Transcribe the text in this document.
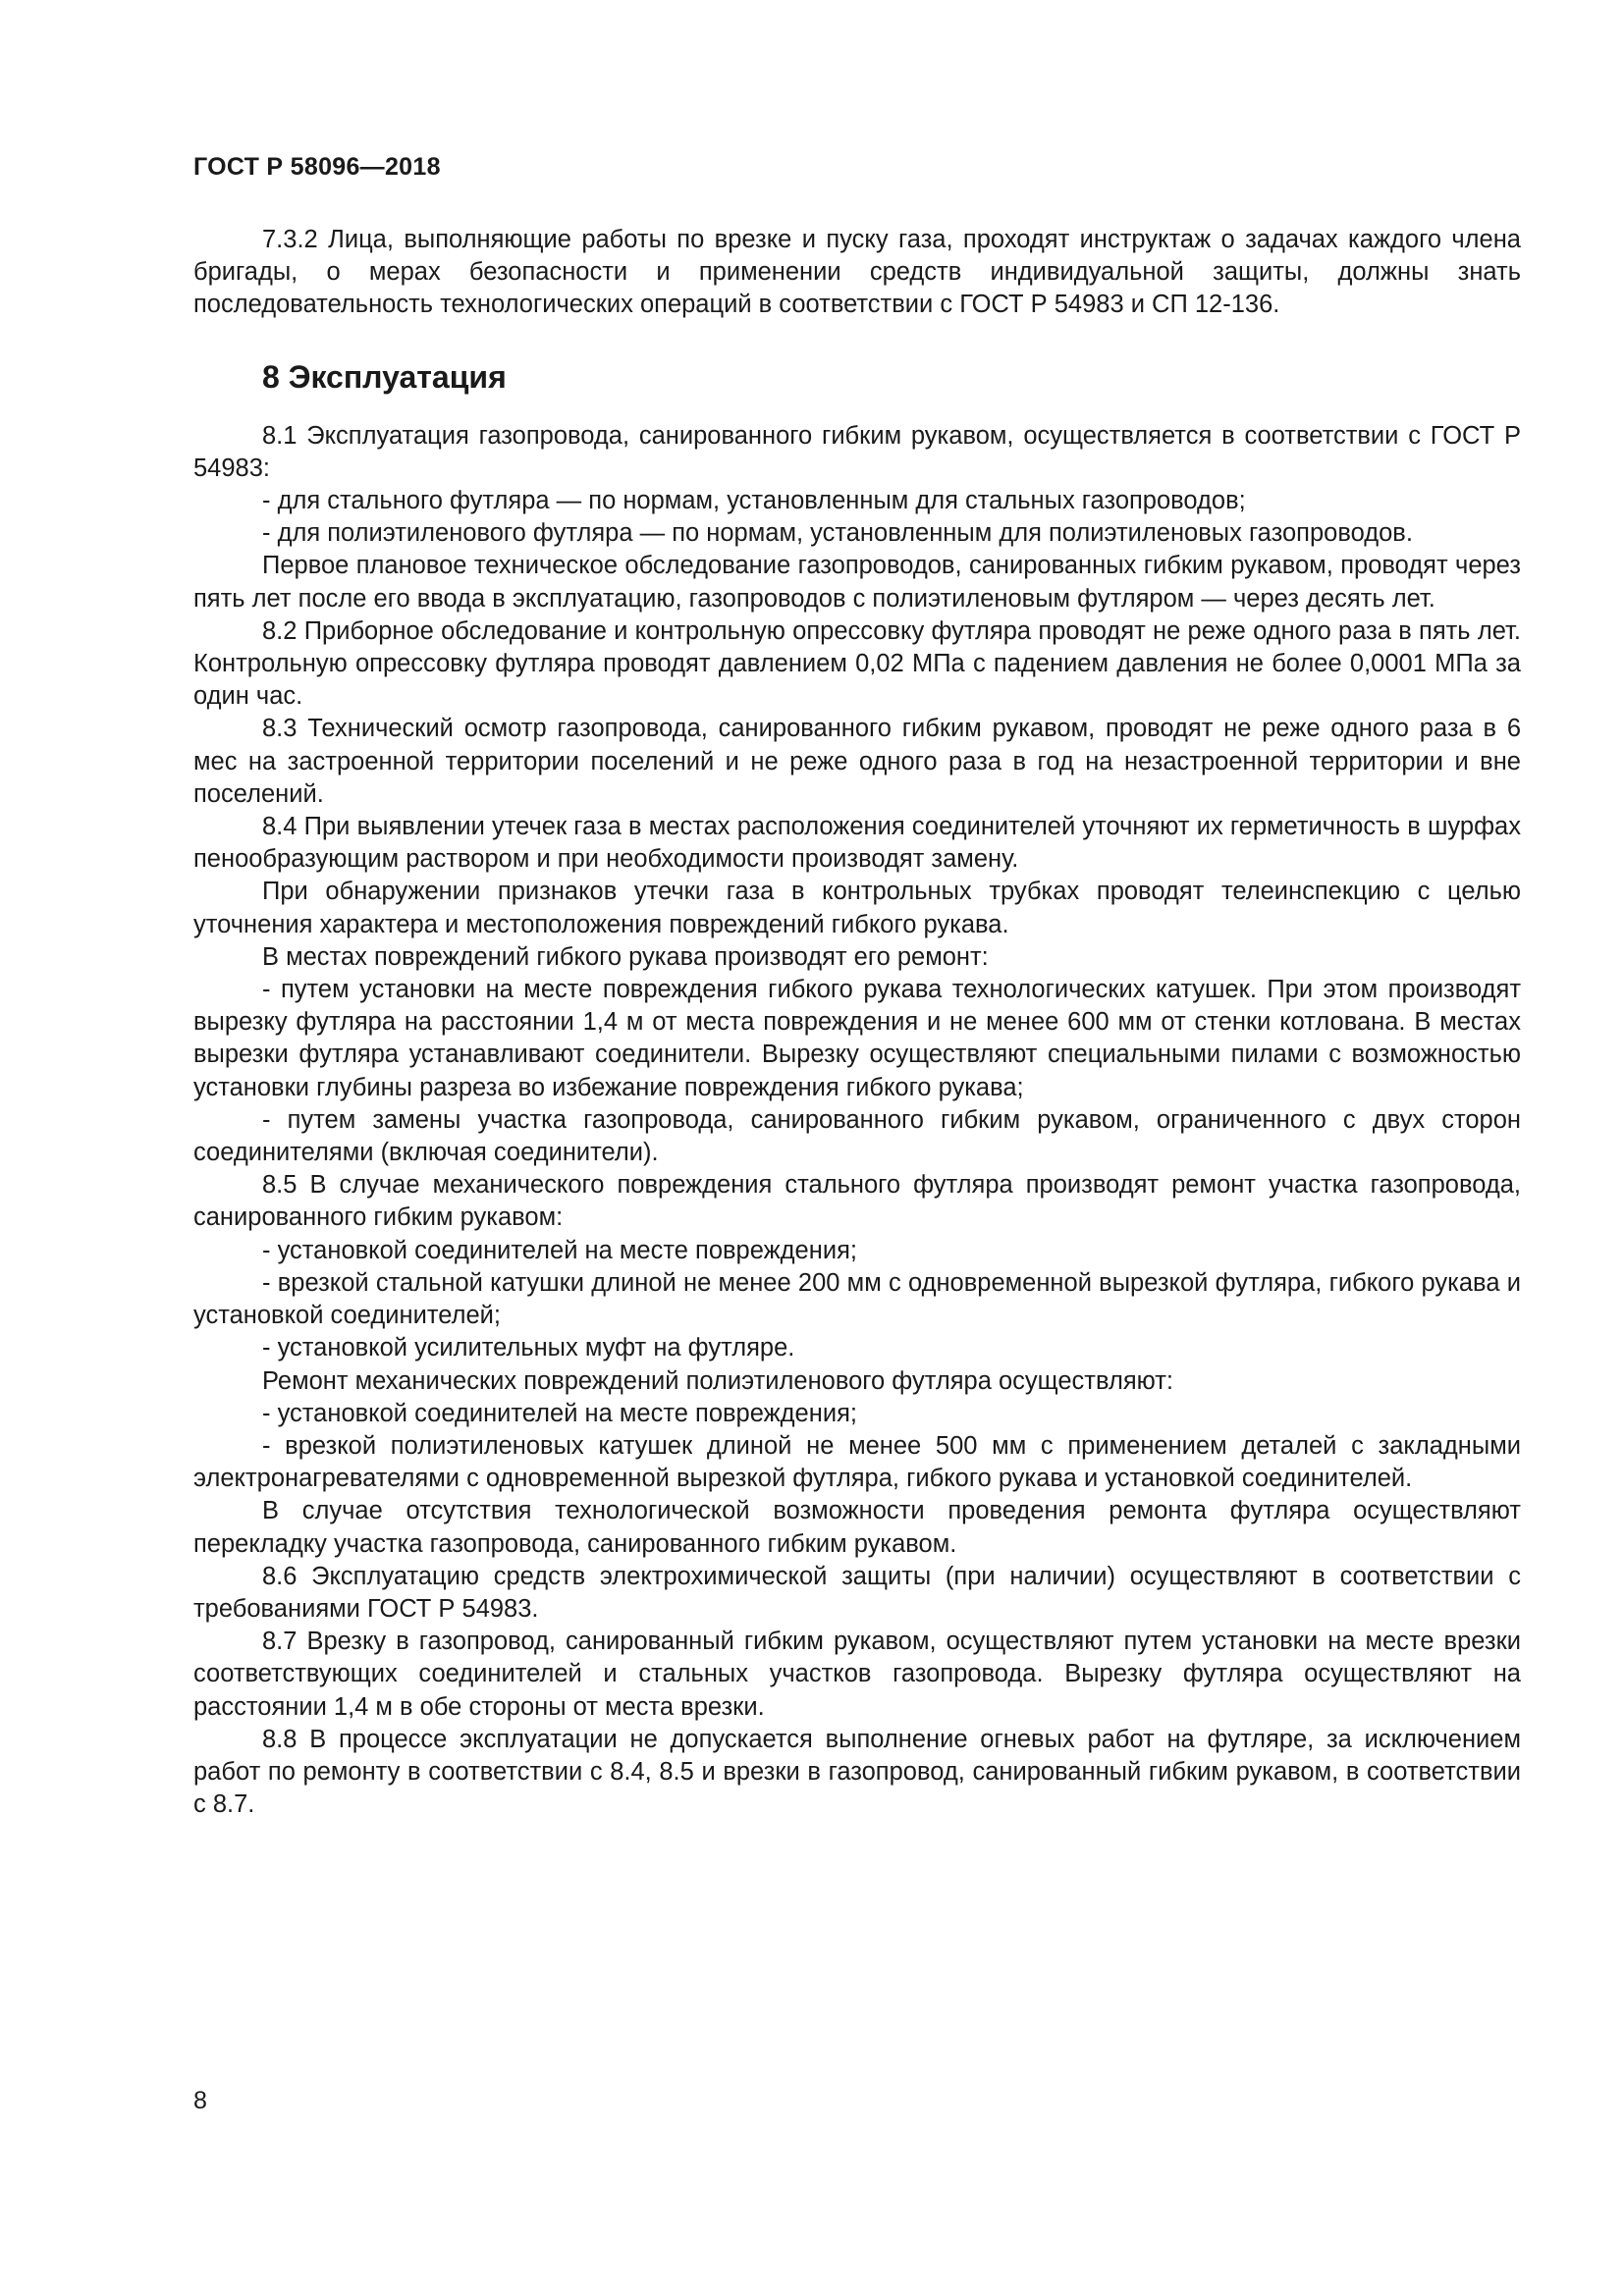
ГОСТ Р 58096—2018

7.3.2 Лица, выполняющие работы по врезке и пуску газа, проходят инструктаж о задачах каждого члена бригады, о мерах безопасности и применении средств индивидуальной защиты, должны знать последовательность технологических операций в соответствии с ГОСТ Р 54983 и СП 12-136.

8 Эксплуатация

8.1 Эксплуатация газопровода, санированного гибким рукавом, осуществляется в соответствии с ГОСТ Р 54983:

- для стального футляра — по нормам, установленным для стальных газопроводов;

- для полиэтиленового футляра — по нормам, установленным для полиэтиленовых газопроводов.

Первое плановое техническое обследование газопроводов, санированных гибким рукавом, проводят через пять лет после его ввода в эксплуатацию, газопроводов с полиэтиленовым футляром — через десять лет.

8.2 Приборное обследование и контрольную опрессовку футляра проводят не реже одного раза в пять лет. Контрольную опрессовку футляра проводят давлением 0,02 МПа с падением давления не более 0,0001 МПа за один час.

8.3 Технический осмотр газопровода, санированного гибким рукавом, проводят не реже одного раза в 6 мес на застроенной территории поселений и не реже одного раза в год на незастроенной территории и вне поселений.

8.4 При выявлении утечек газа в местах расположения соединителей уточняют их герметичность в шурфах пенообразующим раствором и при необходимости производят замену.

При обнаружении признаков утечки газа в контрольных трубках проводят телеинспекцию с целью уточнения характера и местоположения повреждений гибкого рукава.

В местах повреждений гибкого рукава производят его ремонт:

- путем установки на месте повреждения гибкого рукава технологических катушек. При этом производят вырезку футляра на расстоянии 1,4 м от места повреждения и не менее 600 мм от стенки котлована. В местах вырезки футляра устанавливают соединители. Вырезку осуществляют специальными пилами с возможностью установки глубины разреза во избежание повреждения гибкого рукава;

- путем замены участка газопровода, санированного гибким рукавом, ограниченного с двух сторон соединителями (включая соединители).

8.5 В случае механического повреждения стального футляра производят ремонт участка газопровода, санированного гибким рукавом:

- установкой соединителей на месте повреждения;

- врезкой стальной катушки длиной не менее 200 мм с одновременной вырезкой футляра, гибкого рукава и установкой соединителей;

- установкой усилительных муфт на футляре.

Ремонт механических повреждений полиэтиленового футляра осуществляют:

- установкой соединителей на месте повреждения;

- врезкой полиэтиленовых катушек длиной не менее 500 мм с применением деталей с закладными электронагревателями с одновременной вырезкой футляра, гибкого рукава и установкой соединителей.

В случае отсутствия технологической возможности проведения ремонта футляра осуществляют перекладку участка газопровода, санированного гибким рукавом.

8.6 Эксплуатацию средств электрохимической защиты (при наличии) осуществляют в соответствии с требованиями ГОСТ Р 54983.

8.7 Врезку в газопровод, санированный гибким рукавом, осуществляют путем установки на месте врезки соответствующих соединителей и стальных участков газопровода. Вырезку футляра осуществляют на расстоянии 1,4 м в обе стороны от места врезки.

8.8 В процессе эксплуатации не допускается выполнение огневых работ на футляре, за исключением работ по ремонту в соответствии с 8.4, 8.5 и врезки в газопровод, санированный гибким рукавом, в соответствии с 8.7.

8
